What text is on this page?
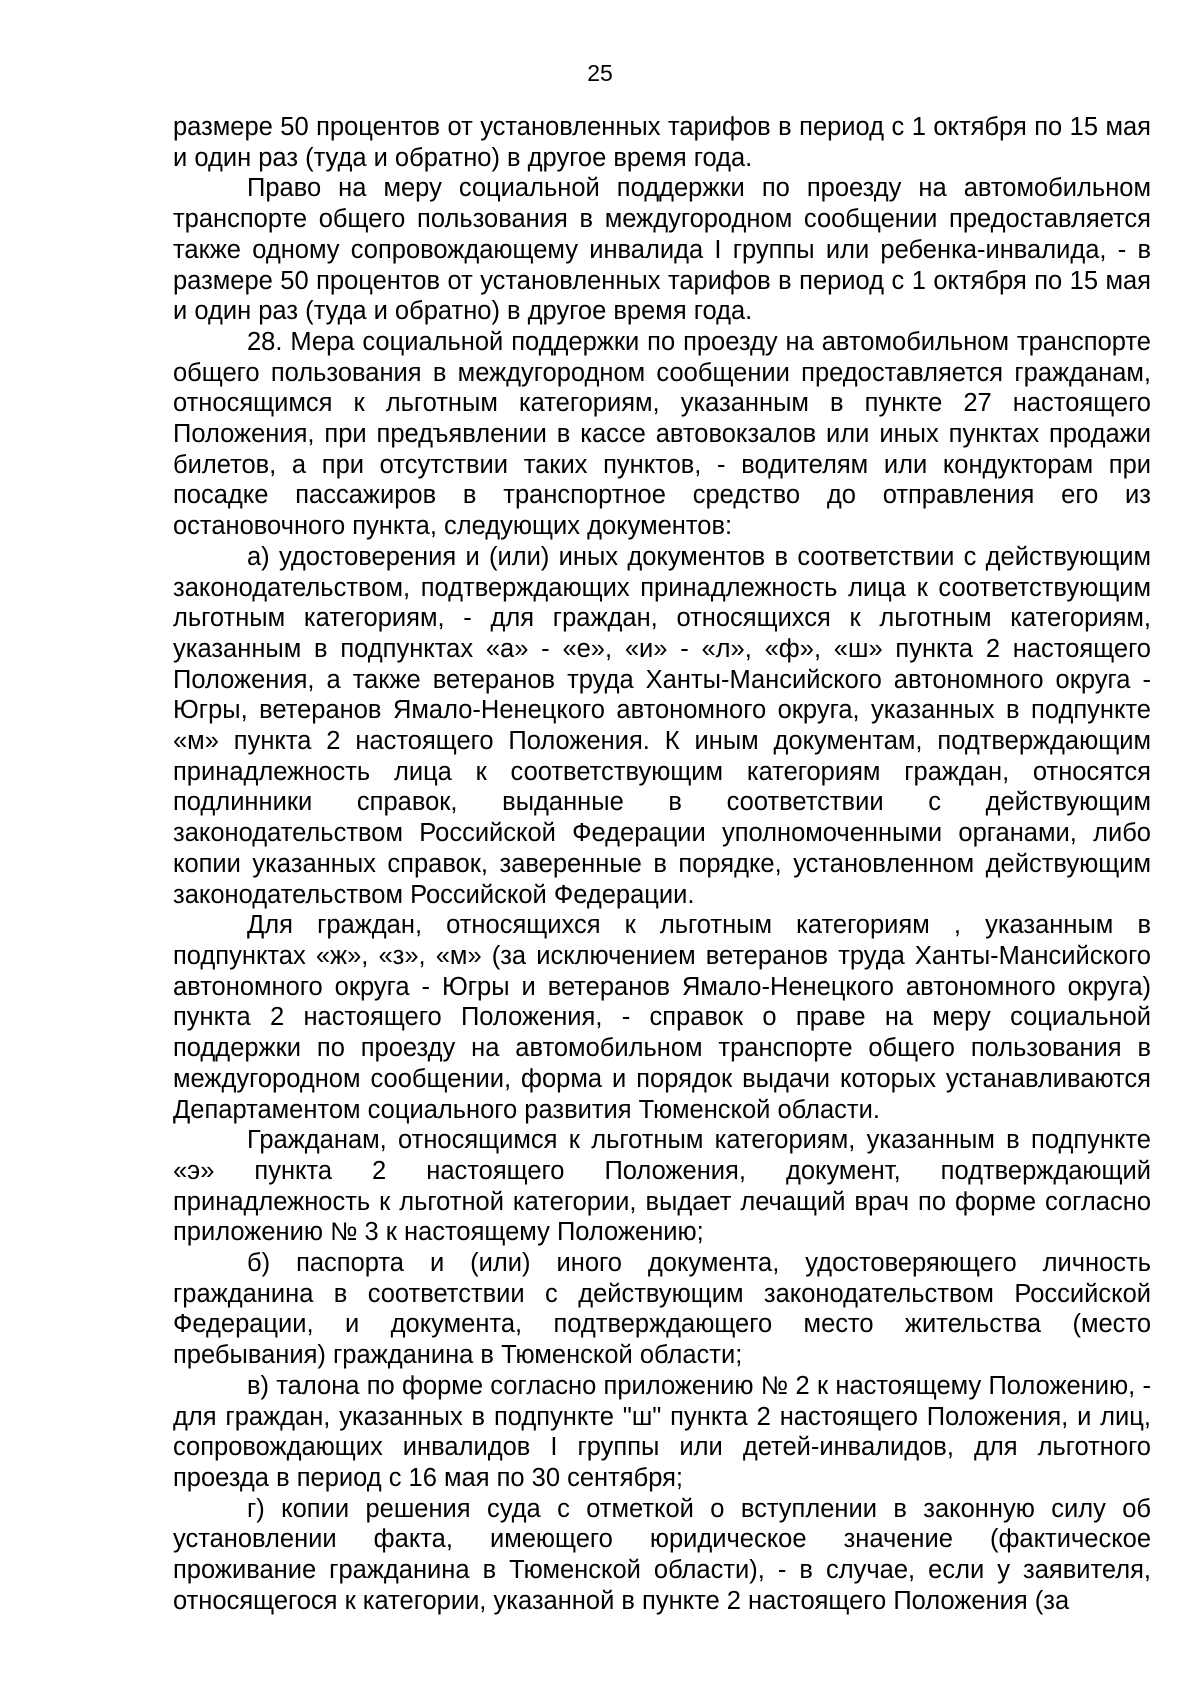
25

размере 50 процентов от установленных тарифов в период с 1 октября по 15 мая и один раз (туда и обратно) в другое время года.

Право на меру социальной поддержки по проезду на автомобильном транспорте общего пользования в междугородном сообщении предоставляется также одному сопровождающему инвалида I группы или ребенка-инвалида, - в размере 50 процентов от установленных тарифов в период с 1 октября по 15 мая и один раз (туда и обратно) в другое время года.

28. Мера социальной поддержки по проезду на автомобильном транспорте общего пользования в междугородном сообщении предоставляется гражданам, относящимся к льготным категориям, указанным в пункте 27 настоящего Положения, при предъявлении в кассе автовокзалов или иных пунктах продажи билетов, а при отсутствии таких пунктов, - водителям или кондукторам при посадке пассажиров в транспортное средство до отправления его из остановочного пункта, следующих документов:

а) удостоверения и (или) иных документов в соответствии с действующим законодательством, подтверждающих принадлежность лица к соответствующим льготным категориям, - для граждан, относящихся к льготным категориям, указанным в подпунктах «а» - «е», «и» - «л», «ф», «ш» пункта 2 настоящего Положения, а также ветеранов труда Ханты-Мансийского автономного округа - Югры, ветеранов Ямало-Ненецкого автономного округа, указанных в подпункте «м» пункта 2 настоящего Положения. К иным документам, подтверждающим принадлежность лица к соответствующим категориям граждан, относятся подлинники справок, выданные в соответствии с действующим законодательством Российской Федерации уполномоченными органами, либо копии указанных справок, заверенные в порядке, установленном действующим законодательством Российской Федерации.

Для граждан, относящихся к льготным категориям , указанным в подпунктах «ж», «з», «м» (за исключением ветеранов труда Ханты-Мансийского автономного округа - Югры и ветеранов Ямало-Ненецкого автономного округа) пункта 2 настоящего Положения, - справок о праве на меру социальной поддержки по проезду на автомобильном транспорте общего пользования в междугородном сообщении, форма и порядок выдачи которых устанавливаются Департаментом социального развития Тюменской области.

Гражданам, относящимся к льготным категориям, указанным в подпункте «э» пункта 2 настоящего Положения, документ, подтверждающий принадлежность к льготной категории, выдает лечащий врач по форме согласно приложению № 3 к настоящему Положению;

б) паспорта и (или) иного документа, удостоверяющего личность гражданина в соответствии с действующим законодательством Российской Федерации, и документа, подтверждающего место жительства (место пребывания) гражданина в Тюменской области;

в) талона по форме согласно приложению № 2 к настоящему Положению, - для граждан, указанных в подпункте "ш" пункта 2 настоящего Положения, и лиц, сопровождающих инвалидов I группы или детей-инвалидов, для льготного проезда в период с 16 мая по 30 сентября;

г) копии решения суда с отметкой о вступлении в законную силу об установлении факта, имеющего юридическое значение (фактическое проживание гражданина в Тюменской области), - в случае, если у заявителя, относящегося к категории, указанной в пункте 2 настоящего Положения (за
